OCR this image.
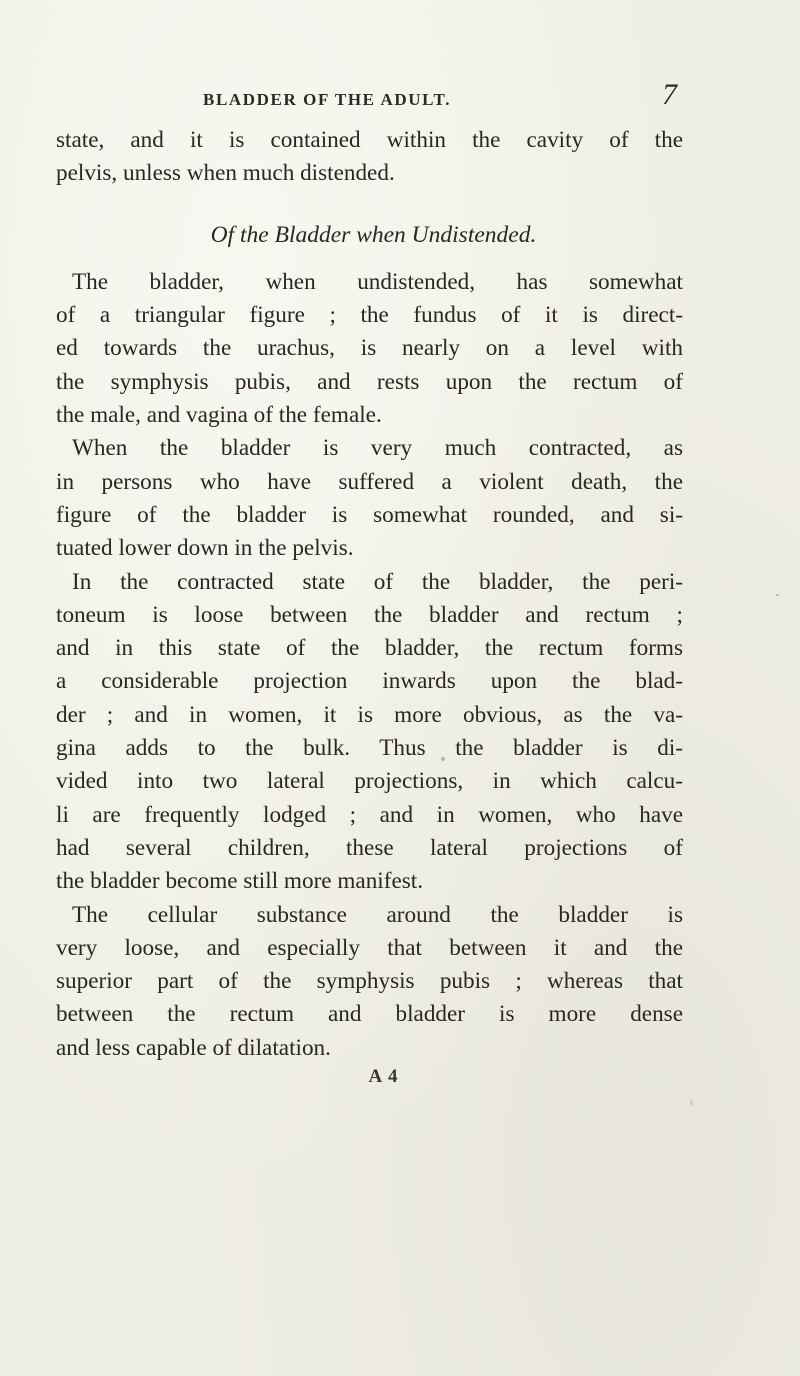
BLADDER OF THE ADULT.	7
state, and it is contained within the cavity of the
pelvis, unless when much distended.
Of the Bladder when Undistended.
The bladder, when undistended, has somewhat
of a triangular figure ; the fundus of it is direct-
ed towards the urachus, is nearly on a level with
the symphysis pubis, and rests upon the rectum of
the male, and vagina of the female.
When the bladder is very much contracted, as
in persons who have suffered a violent death, the
figure of the bladder is somewhat rounded, and si-
tuated lower down in the pelvis.
In the contracted state of the bladder, the peri-
toneum is loose between the bladder and rectum ;
and in this state of the bladder, the rectum forms
a considerable projection inwards upon the blad-
der ; and in women, it is more obvious, as the va-
gina adds to the bulk. Thus the bladder is di-
vided into two lateral projections, in which calcu-
li are frequently lodged ; and in women, who have
had several children, these lateral projections of
the bladder become still more manifest.
The cellular substance around the bladder is
very loose, and especially that between it and the
superior part of the symphysis pubis ; whereas that
between the rectum and bladder is more dense
and less capable of dilatation.
A 4
